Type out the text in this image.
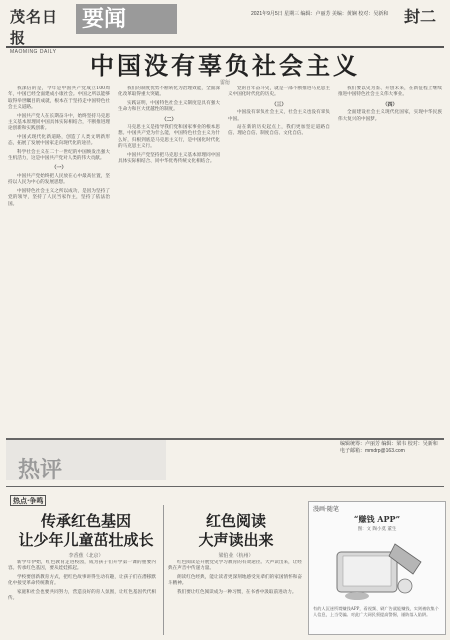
茂名日报
MAOMING DAILY
要闻	2021年9月5日 星期三 编辑：卢丽芳 美编：黄娴 校对：吴新和 封二
中国没有辜负社会主义
雷衍

我深信的是，今年是中国共产党成立100周年，中国已经全面建成小康社会。中国之所以能够取得举世瞩目的成就，根本在于坚持走中国特色社会主义道路。

中国共产党人在长期奋斗中，始终坚持马克思主义基本原理同中国具体实际相结合，不断推进理论创新和实践创新。

中国式现代化新道路，创造了人类文明新形态，拓展了发展中国家走向现代化的途径。

科学社会主义在二十一世纪的中国焕发出强大生机活力，这是中国共产党对人类的伟大贡献。

（一）

中国共产党始终把人民放在心中最高位置，坚持以人民为中心的发展思想。

中国特色社会主义之所以成功，是因为坚持了党的领导，坚持了人民当家作主，坚持了依法治国。

我们的制度优势不断转化为治理效能，全面深化改革取得重大突破。

实践证明，中国特色社会主义制度是具有强大生命力和巨大优越性的制度。

（二）

马克思主义是指导我们党和国家事业的根本思想。中国共产党为什么能，中国特色社会主义为什么好，归根到底是马克思主义行，是中国化时代化的马克思主义行。

中国共产党坚持把马克思主义基本原理同中国具体实际相结合、同中华优秀传统文化相结合。

党的百年奋斗史，就是一部不断推进马克思主义中国化时代化的历史。

（三）

中国没有辜负社会主义，社会主义也没有辜负中国。

站在新的历史起点上，我们更加坚定道路自信、理论自信、制度自信、文化自信。

我们要以史为鉴、开创未来，在新征程上继续推进中国特色社会主义伟大事业。

（四）

全面建设社会主义现代化国家，实现中华民族伟大复兴的中国梦。

热评
编辑统筹：卢丽芳 编辑：梁韦 校对：吴新和
电子邮箱：mmdrp@163.com
热点·争鸣
传承红色基因
让少年儿童茁壮成长
李香蕉（北京）

新学年伊始，红色教育走进校园，成为孩子们开学第一课的重要内容。传承红色基因，要从娃娃抓起。

学校要创新教育方式，把红色故事讲得生动有趣，让孩子们在潜移默化中接受革命传统教育。

家庭和社会也要共同努力，营造良好的育人氛围，让红色基因代代相传。

红色阅读
大声读出来
梁伯业（杭州）

红色阅读是开展党史学习教育的有效途径。大声读出来，让经典在声音中传递力量。

朗读红色经典，能让读者更深刻地感受先辈们的家国情怀和奋斗精神。

我们要让红色阅读成为一种习惯，在书香中汲取前进动力。

漫画·随笔
“赚钱 APP”
图：文 陶小莫 董生
有的人沉迷所谓赚钱APP，看视频、刷广告就能赚钱，实则被收集个人信息，上当受骗。对此广大网民须提高警惕，谨防落入陷阱。
